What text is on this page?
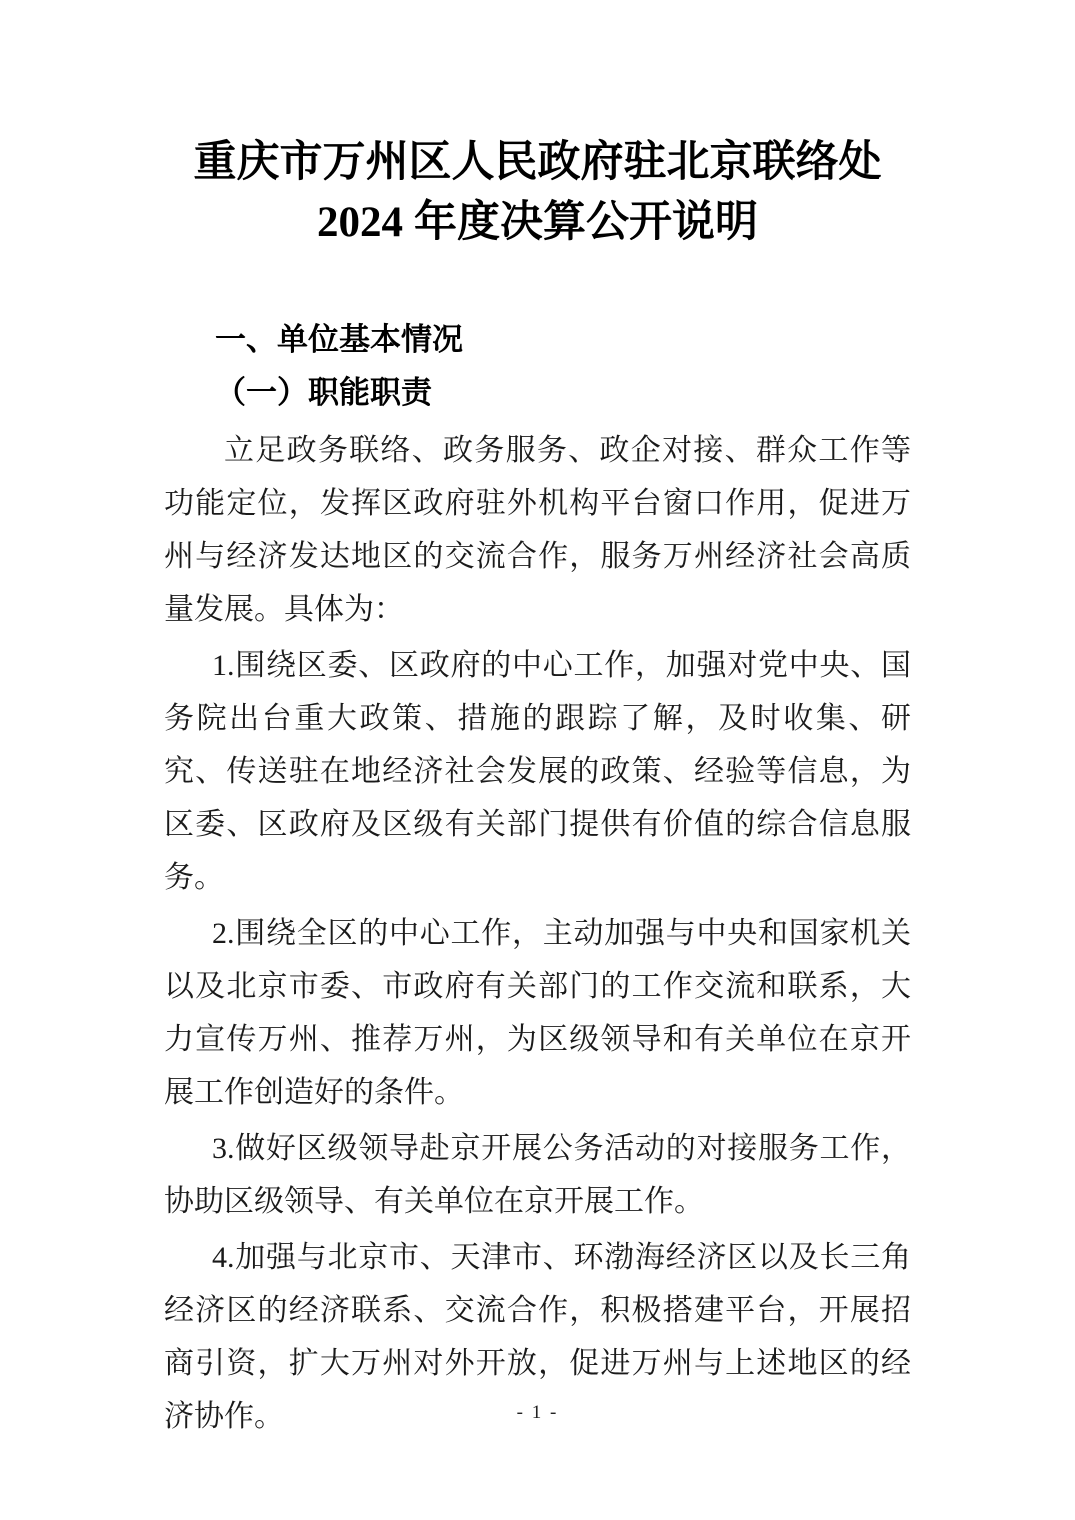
重庆市万州区人民政府驻北京联络处
2024 年度决算公开说明
一、单位基本情况
（一）职能职责

立足政务联络、政务服务、政企对接、群众工作等功能定位，发挥区政府驻外机构平台窗口作用，促进万州与经济发达地区的交流合作，服务万州经济社会高质量发展。具体为：

1.围绕区委、区政府的中心工作，加强对党中央、国务院出台重大政策、措施的跟踪了解，及时收集、研究、传送驻在地经济社会发展的政策、经验等信息，为区委、区政府及区级有关部门提供有价值的综合信息服务。

2.围绕全区的中心工作，主动加强与中央和国家机关以及北京市委、市政府有关部门的工作交流和联系，大力宣传万州、推荐万州，为区级领导和有关单位在京开展工作创造好的条件。

3.做好区级领导赴京开展公务活动的对接服务工作，协助区级领导、有关单位在京开展工作。

4.加强与北京市、天津市、环渤海经济区以及长三角经济区的经济联系、交流合作，积极搭建平台，开展招商引资，扩大万州对外开放，促进万州与上述地区的经济协作。	- 1 -
